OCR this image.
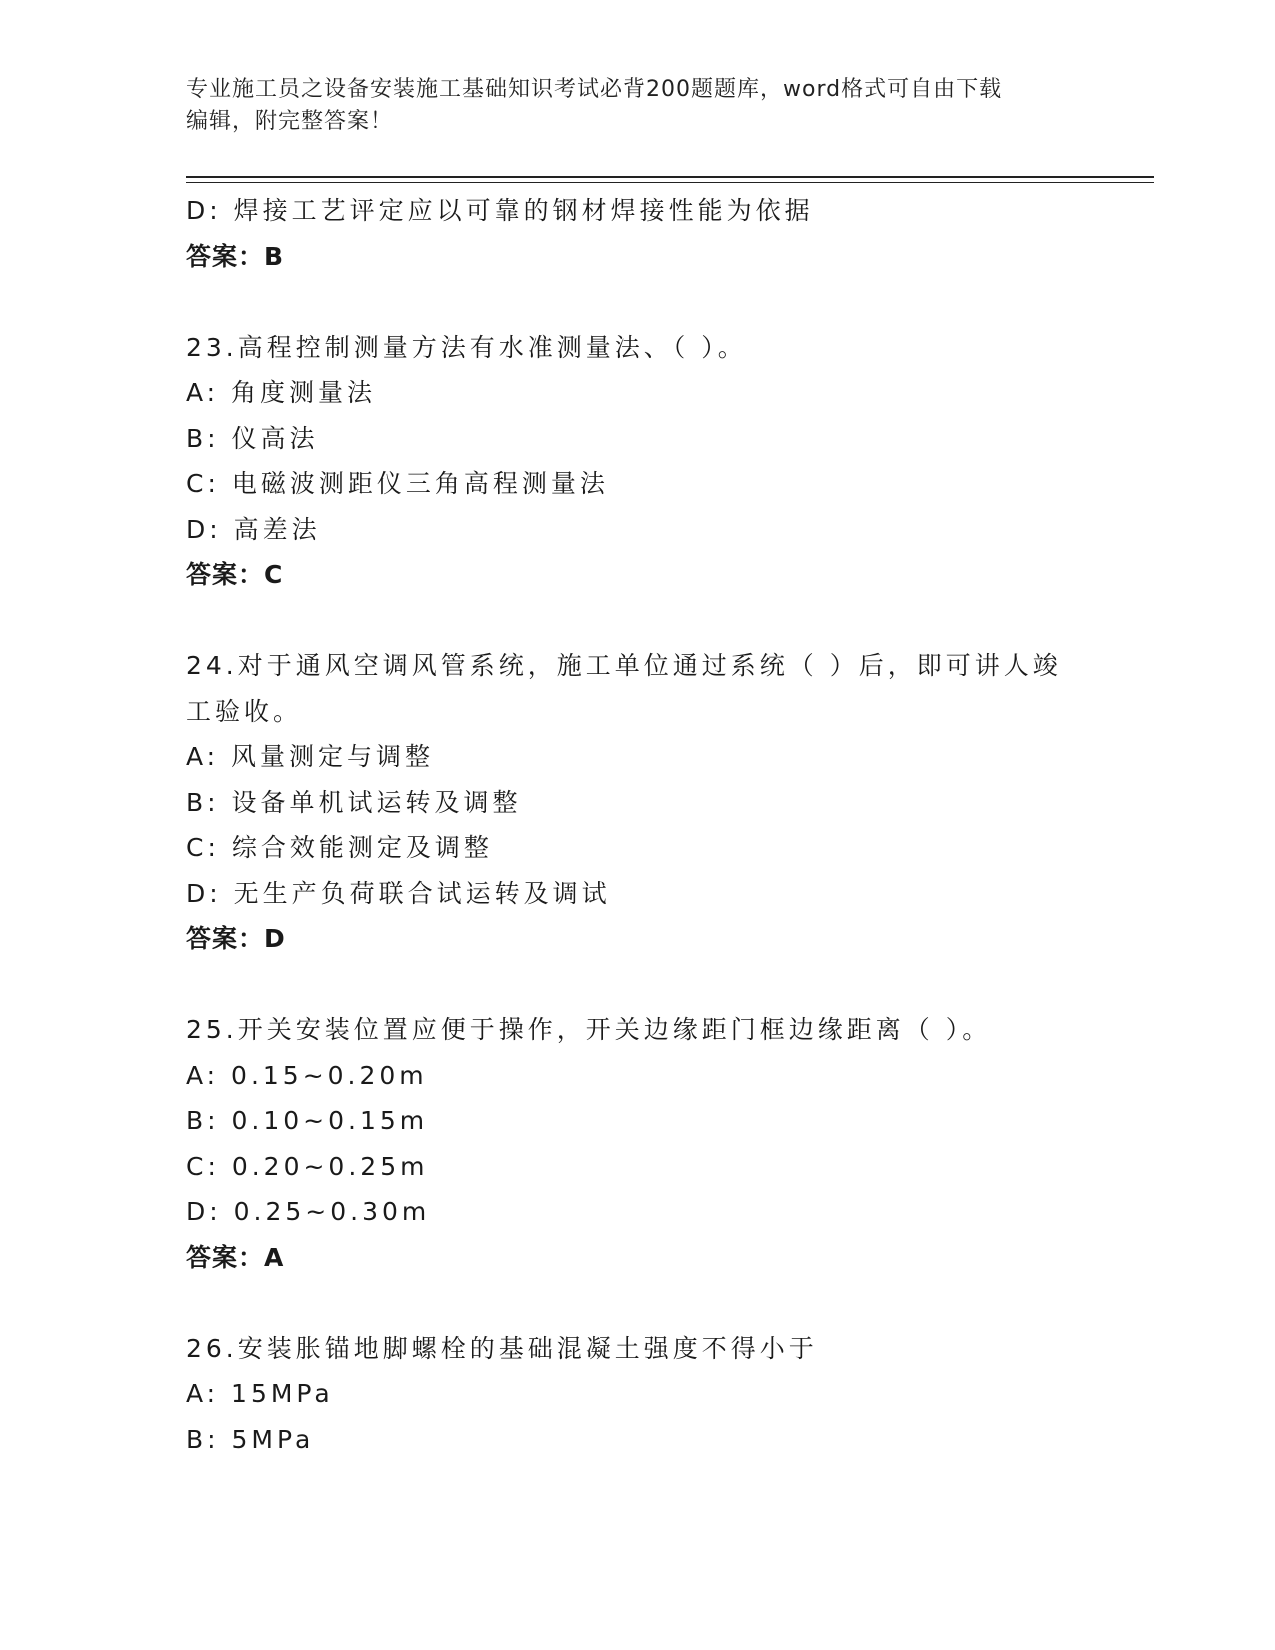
专业施工员之设备安装施工基础知识考试必背200题题库，word格式可自由下载
编辑，附完整答案！
D: 焊接工艺评定应以可靠的钢材焊接性能为依据
答案：B
23.高程控制测量方法有水准测量法、（ ）。
A: 角度测量法
B: 仪高法
C: 电磁波测距仪三角高程测量法
D: 高差法
答案：C
24.对于通风空调风管系统，施工单位通过系统（ ）后，即可讲人竣
工验收。
A: 风量测定与调整
B: 设备单机试运转及调整
C: 综合效能测定及调整
D: 无生产负荷联合试运转及调试
答案：D
25.开关安装位置应便于操作，开关边缘距门框边缘距离（ ）。
A: 0.15~0.20m
B: 0.10~0.15m
C: 0.20~0.25m
D: 0.25~0.30m
答案：A
26.安装胀锚地脚螺栓的基础混凝土强度不得小于
A: 15MPa
B: 5MPa
